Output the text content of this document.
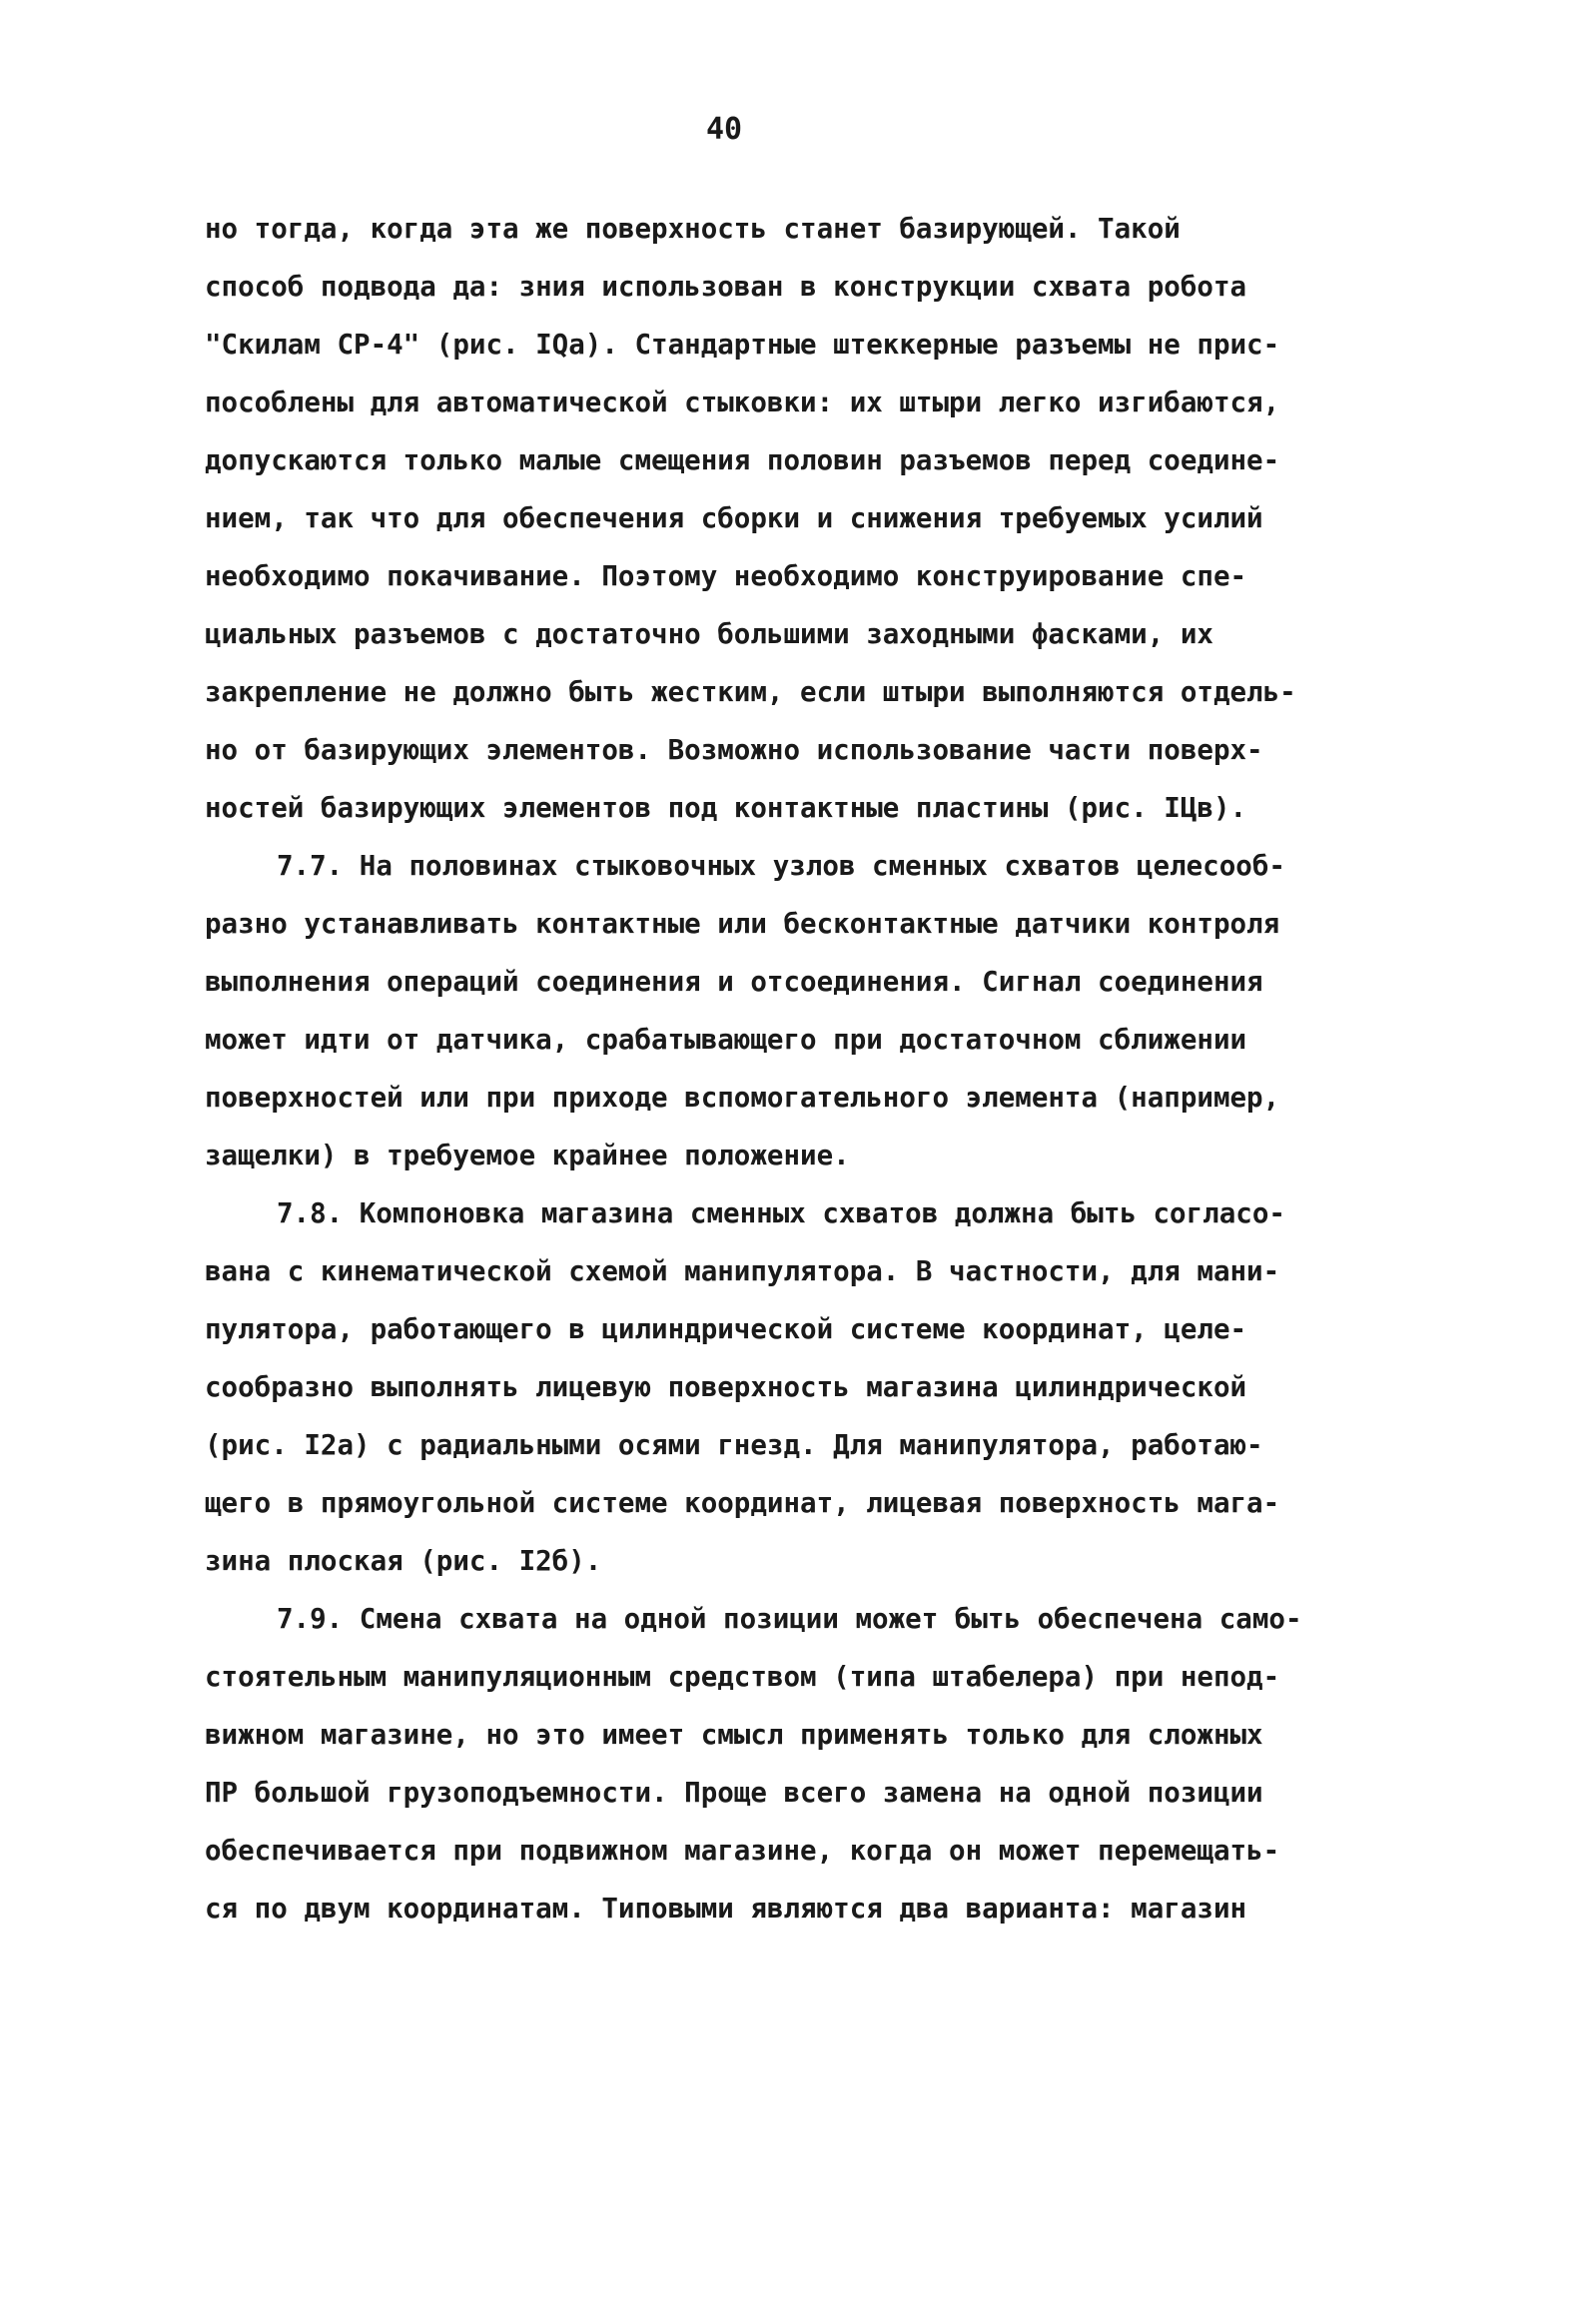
40
но тогда, когда эта же поверхность станет базирующей. Такой
способ подвода да: зния использован в конструкции схвата робота
"Скилам СР-4" (рис. IQa). Стандартные штеккерные разъемы не прис-
пособлены для автоматической стыковки: их штыри легко изгибаются,
допускаются только малые смещения половин разъемов перед соедине-
нием, так что для обеспечения сборки и снижения требуемых усилий
необходимо покачивание. Поэтому необходимо конструирование спе-
циальных разъемов с достаточно большими заходными фасками, их
закрепление не должно быть жестким, если штыри выполняются отдель-
но от базирующих элементов. Возможно использование части поверх-
ностей базирующих элементов под контактные пластины (рис. IЦв).
7.7. На половинах стыковочных узлов сменных схватов целесооб-
разно устанавливать контактные или бесконтактные датчики контроля
выполнения операций соединения и отсоединения. Сигнал соединения
может идти от датчика, срабатывающего при достаточном сближении
поверхностей или при приходе вспомогательного элемента (например,
защелки) в требуемое крайнее положение.
7.8. Компоновка магазина сменных схватов должна быть согласо-
вана с кинематической схемой манипулятора. В частности, для мани-
пулятора, работающего в цилиндрической системе координат, целе-
сообразно выполнять лицевую поверхность магазина цилиндрической
(рис. I2а) с радиальными осями гнезд. Для манипулятора, работаю-
щего в прямоугольной системе координат, лицевая поверхность мага-
зина плоская (рис. I2б).
7.9. Смена схвата на одной позиции может быть обеспечена само-
стоятельным манипуляционным средством (типа штабелера) при непод-
вижном магазине, но это имеет смысл применять только для сложных
ПР большой грузоподъемности. Проще всего замена на одной позиции
обеспечивается при подвижном магазине, когда он может перемещать-
ся по двум координатам. Типовыми являются два варианта: магазин
